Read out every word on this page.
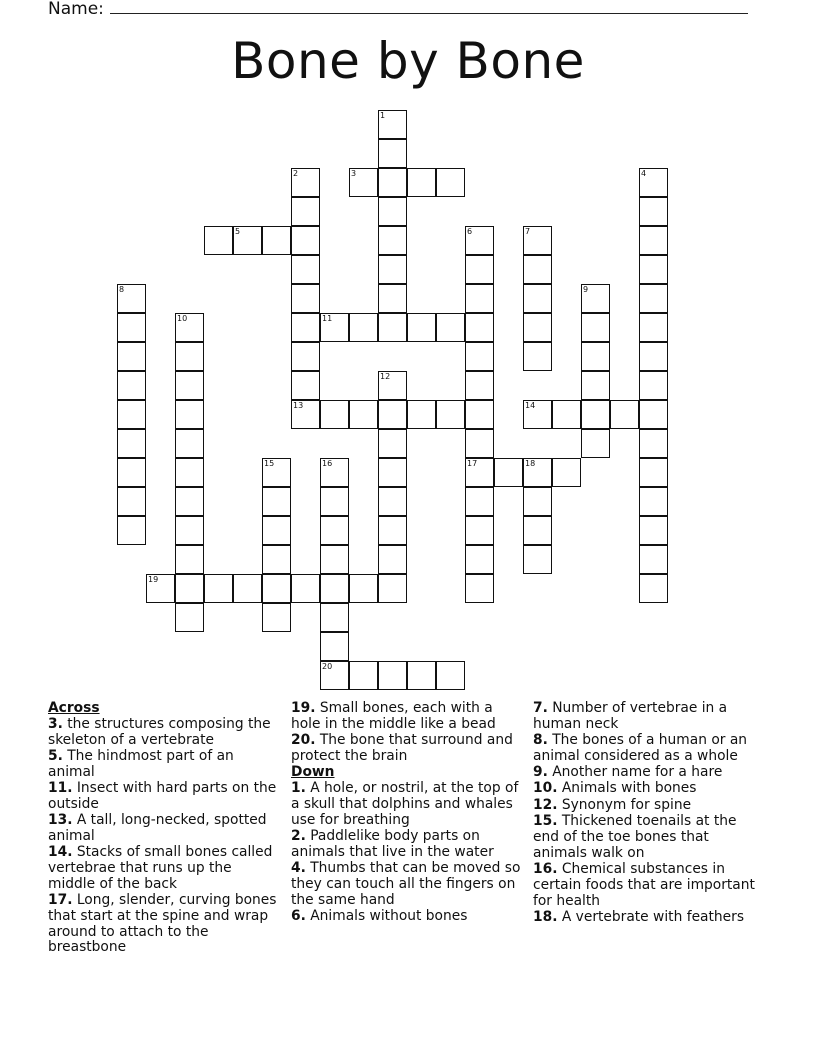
Name:
Bone by Bone
1
2	3	4
5	6	7
8	9
10	11
12
13	14
15	16	17	18
19
20
Across
3. the structures composing the skeleton of a vertebrate
5. The hindmost part of an animal
11. Insect with hard parts on the outside
13. A tall, long-necked, spotted animal
14. Stacks of small bones called vertebrae that runs up the middle of the back
17. Long, slender, curving bones that start at the spine and wrap around to attach to the breastbone
19. Small bones, each with a hole in the middle like a bead
20. The bone that surround and protect the brain
Down
1. A hole, or nostril, at the top of a skull that dolphins and whales use for breathing
2. Paddlelike body parts on animals that live in the water
4. Thumbs that can be moved so they can touch all the fingers on the same hand
6. Animals without bones
7. Number of vertebrae in a human neck
8. The bones of a human or an animal considered as a whole
9. Another name for a hare
10. Animals with bones
12. Synonym for spine
15. Thickened toenails at the end of the toe bones that animals walk on
16. Chemical substances in certain foods that are important for health
18. A vertebrate with feathers
